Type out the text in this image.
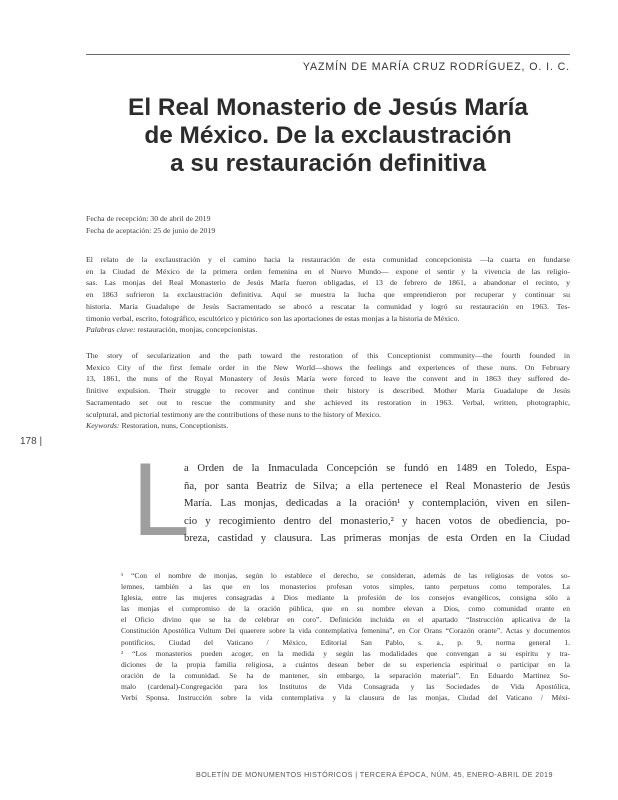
YAZMÍN DE MARÍA CRUZ RODRÍGUEZ, O. I. C.
El Real Monasterio de Jesús María
de México. De la exclaustración
a su restauración definitiva
Fecha de recepción: 30 de abril de 2019
Fecha de aceptación: 25 de junio de 2019
El relato de la exclaustración y el camino hacia la restauración de esta comunidad concepcionista —la cuarta en fundarse
en la Ciudad de México de la primera orden femenina en el Nuevo Mundo— expone el sentir y la vivencia de las religio-
sas. Las monjas del Real Monasterio de Jesús María fueron obligadas, el 13 de febrero de 1861, a abandonar el recinto, y
en 1863 sufrieron la exclaustración definitiva. Aquí se muestra la lucha que emprendieron por recuperar y continuar su
historia. María Guadalupe de Jesús Sacramentado se abocó a rescatar la comunidad y logró su restauración en 1963. Tes-
timonio verbal, escrito, fotográfico, escultórico y pictórico son las aportaciones de estas monjas a la historia de México.
Palabras clave: restauración, monjas, concepcionistas.
The story of secularization and the path toward the restoration of this Conceptionist community—the fourth founded in
Mexico City of the first female order in the New World—shows the feelings and experiences of these nuns. On February
13, 1861, the nuns of the Royal Monastery of Jesús María were forced to leave the convent and in 1863 they suffered de-
finitive expulsion. Their struggle to recover and continue their history is described. Mother María Guadalupe de Jesús
Sacramentado set out to rescue the community and she achieved its restoration in 1963. Verbal, written, photographic,
sculptural, and pictorial testimony are the contributions of these nuns to the history of Mexico.
Keywords: Restoration, nuns, Conceptionists.
178 |
L
a Orden de la Inmaculada Concepción se fundó en 1489 en Toledo, Espa-
ña, por santa Beatriz de Silva; a ella pertenece el Real Monasterio de Jesús
María. Las monjas, dedicadas a la oración¹ y contemplación, viven en silen-
cio y recogimiento dentro del monasterio,² y hacen votos de obediencia, po-
breza, castidad y clausura. Las primeras monjas de esta Orden en la Ciudad
¹ “Con el nombre de monjas, según lo establece el derecho, se consideran, además de las religiosas de votos so-
lemnes, también a las que en los monasterios profesan votos simples, tanto perpetuos como temporales. La
Iglesia, entre las mujeres consagradas a Dios mediante la profesión de los consejos evangélicos, consigna sólo a
las monjas el compromiso de la oración pública, que en su nombre elevan a Dios, como comunidad orante en
el Oficio divino que se ha de celebrar en coro”. Definición incluida en el apartado “Instrucción aplicativa de la
Constitución Apostólica Vultum Dei quaerere sobre la vida contemplativa femenina”, en Cor Orans “Corazón orante”. Actas y documentos pontificios, Ciudad del Vaticano / México, Editorial San Pablo, s. a., p. 9, norma general 1.
² “Los monasterios pueden acoger, en la medida y según las modalidades que convengan a su espíritu y tra-
diciones de la propia familia religiosa, a cuántos desean beber de su experiencia espiritual o participar en la
oración de la comunidad. Se ha de mantener, sin embargo, la separación material”. En Eduardo Martínez So-
malo (cardenal)-Congregación para los Institutos de Vida Consagrada y las Sociedades de Vida Apostólica,
Verbi Sponsa. Instrucción sobre la vida contemplativa y la clausura de las monjas, Ciudad del Vaticano / Méxi-
BOLETÍN DE MONUMENTOS HISTÓRICOS | TERCERA ÉPOCA, NÚM. 45, ENERO-ABRIL DE 2019
